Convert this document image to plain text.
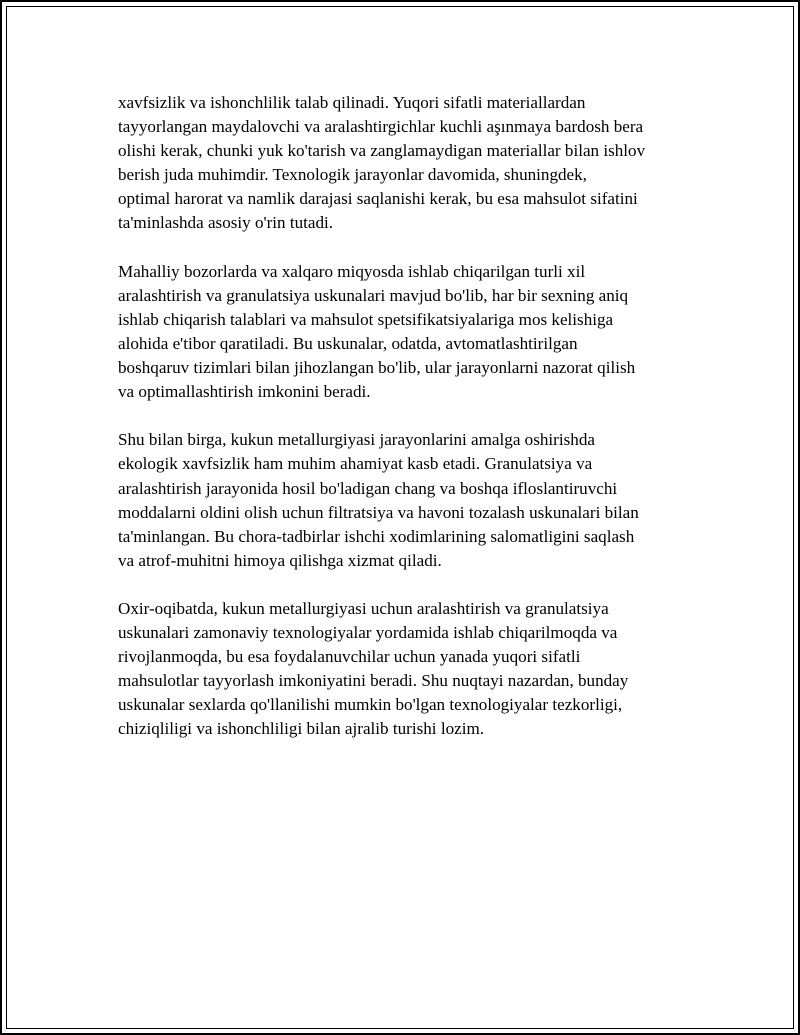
xavfsizlik va ishonchlilik talab qilinadi. Yuqori sifatli materiallardan
tayyorlangan maydalovchi va aralashtirgichlar kuchli aşınmaya bardosh bera
olishi kerak, chunki yuk ko'tarish va zanglamaydigan materiallar bilan ishlov
berish juda muhimdir. Texnologik jarayonlar davomida, shuningdek,
optimal harorat va namlik darajasi saqlanishi kerak, bu esa mahsulot sifatini
ta'minlashda asosiy o'rin tutadi.

Mahalliy bozorlarda va xalqaro miqyosda ishlab chiqarilgan turli xil
aralashtirish va granulatsiya uskunalari mavjud bo'lib, har bir sexning aniq
ishlab chiqarish talablari va mahsulot spetsifikatsiyalariga mos kelishiga
alohida e'tibor qaratiladi. Bu uskunalar, odatda, avtomatlashtirilgan
boshqaruv tizimlari bilan jihozlangan bo'lib, ular jarayonlarni nazorat qilish
va optimallashtirish imkonini beradi.

Shu bilan birga, kukun metallurgiyasi jarayonlarini amalga oshirishda
ekologik xavfsizlik ham muhim ahamiyat kasb etadi. Granulatsiya va
aralashtirish jarayonida hosil bo'ladigan chang va boshqa ifloslantiruvchi
moddalarni oldini olish uchun filtratsiya va havoni tozalash uskunalari bilan
ta'minlangan. Bu chora-tadbirlar ishchi xodimlarining salomatligini saqlash
va atrof-muhitni himoya qilishga xizmat qiladi.

Oxir-oqibatda, kukun metallurgiyasi uchun aralashtirish va granulatsiya
uskunalari zamonaviy texnologiyalar yordamida ishlab chiqarilmoqda va
rivojlanmoqda, bu esa foydalanuvchilar uchun yanada yuqori sifatli
mahsulotlar tayyorlash imkoniyatini beradi. Shu nuqtayi nazardan, bunday
uskunalar sexlarda qo'llanilishi mumkin bo'lgan texnologiyalar tezkorligi,
chiziqliligi va ishonchliligi bilan ajralib turishi lozim.
